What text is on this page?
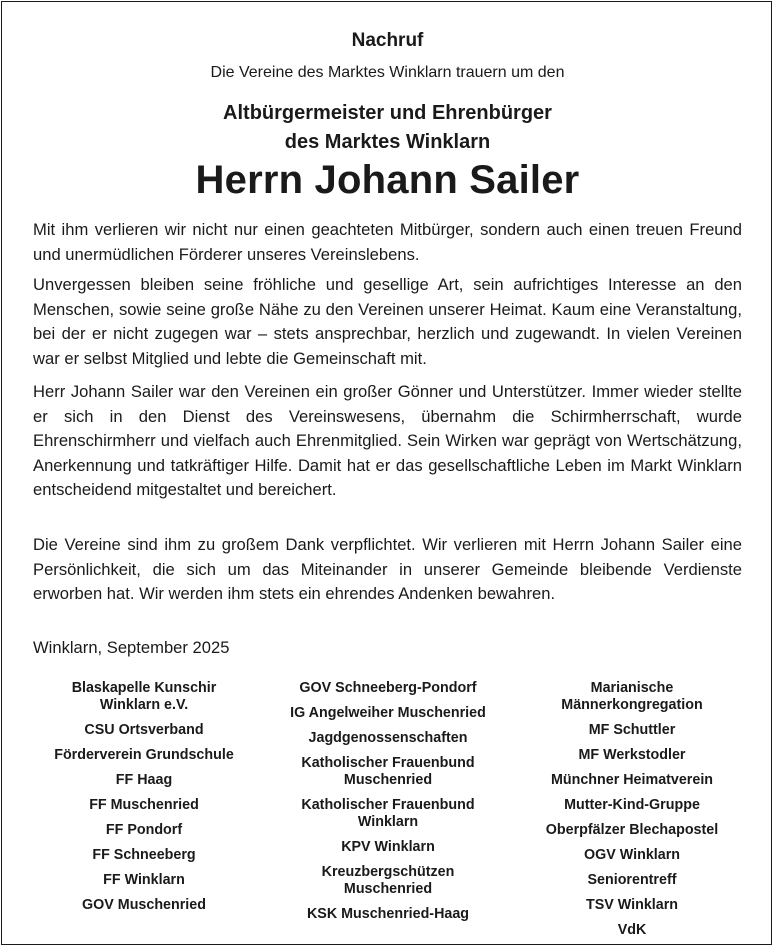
Nachruf
Die Vereine des Marktes Winklarn trauern um den
Altbürgermeister und Ehrenbürger
des Marktes Winklarn
Herrn Johann Sailer
Mit ihm verlieren wir nicht nur einen geachteten Mitbürger, sondern auch einen treuen Freund und unermüdlichen Förderer unseres Vereinslebens.
Unvergessen bleiben seine fröhliche und gesellige Art, sein aufrichtiges Interesse an den Menschen, sowie seine große Nähe zu den Vereinen unserer Heimat. Kaum eine Veranstaltung, bei der er nicht zugegen war – stets ansprechbar, herzlich und zugewandt. In vielen Vereinen war er selbst Mitglied und lebte die Gemeinschaft mit.
Herr Johann Sailer war den Vereinen ein großer Gönner und Unterstützer. Immer wieder stellte er sich in den Dienst des Vereinswesens, übernahm die Schirmherrschaft, wurde Ehrenschirmherr und vielfach auch Ehrenmitglied. Sein Wirken war geprägt von Wertschätzung, Anerkennung und tatkräftiger Hilfe. Damit hat er das gesellschaftliche Leben im Markt Winklarn entscheidend mitgestaltet und bereichert.
Die Vereine sind ihm zu großem Dank verpflichtet. Wir verlieren mit Herrn Johann Sailer eine Persönlichkeit, die sich um das Miteinander in unserer Gemeinde bleibende Verdienste erworben hat. Wir werden ihm stets ein ehrendes Andenken bewahren.
Winklarn, September 2025
Blaskapelle Kunschir
Winklarn e.V.
CSU Ortsverband
Förderverein Grundschule
FF Haag
FF Muschenried
FF Pondorf
FF Schneeberg
FF Winklarn
GOV Muschenried
GOV Schneeberg-Pondorf
IG Angelweiher Muschenried
Jagdgenossenschaften
Katholischer Frauenbund
Muschenried
Katholischer Frauenbund
Winklarn
KPV Winklarn
Kreuzbergschützen
Muschenried
KSK Muschenried-Haag
Marianische
Männerkongregation
MF Schuttler
MF Werkstodler
Münchner Heimatverein
Mutter-Kind-Gruppe
Oberpfälzer Blechapostel
OGV Winklarn
Seniorentreff
TSV Winklarn
VdK
